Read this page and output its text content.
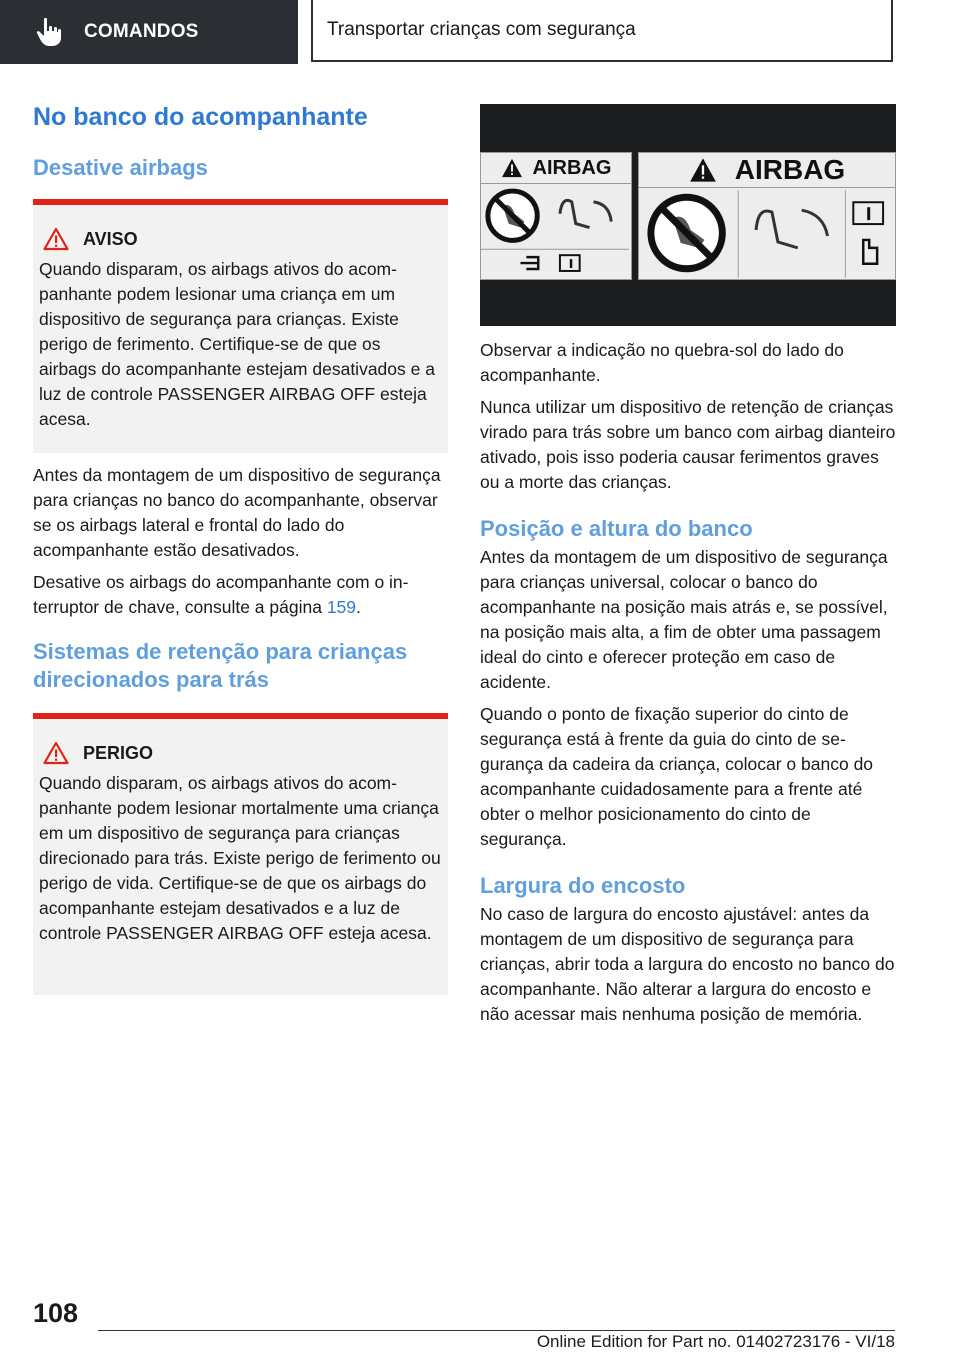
COMANDOS	Transportar crianças com segurança
No banco do acompanhante
Desative airbags
AVISO

Quando disparam, os airbags ativos do acompanhante podem lesionar uma criança em um dispositivo de segurança para crianças. Existe perigo de ferimento. Certifique-se de que os airbags do acompanhante estejam desativados e a luz de controle PASSENGER AIRBAG OFF esteja acesa.

Antes da montagem de um dispositivo de segurança para crianças no banco do acompanhante, observar se os airbags lateral e frontal do lado do acompanhante estão desativados.

Desative os airbags do acompanhante com o interruptor de chave, consulte a página 159.

Sistemas de retenção para crianças direcionados para trás
PERIGO

Quando disparam, os airbags ativos do acompanhante podem lesionar mortalmente uma criança em um dispositivo de segurança para crianças direcionado para trás. Existe perigo de ferimento ou perigo de vida. Certifique-se de que os airbags do acompanhante estejam desativados e a luz de controle PASSENGER AIRBAG OFF esteja acesa.

AIRBAG	AIRBAG

Observar a indicação no quebra-sol do lado do acompanhante.

Nunca utilizar um dispositivo de retenção de crianças virado para trás sobre um banco com airbag dianteiro ativado, pois isso poderia causar ferimentos graves ou a morte das crianças.

Posição e altura do banco

Antes da montagem de um dispositivo de segurança para crianças universal, colocar o banco do acompanhante na posição mais atrás e, se possível, na posição mais alta, a fim de obter uma passagem ideal do cinto e oferecer proteção em caso de acidente.

Quando o ponto de fixação superior do cinto de segurança está à frente da guia do cinto de segurança da cadeira da criança, colocar o banco do acompanhante cuidadosamente para a frente até obter o melhor posicionamento do cinto de segurança.

Largura do encosto

No caso de largura do encosto ajustável: antes da montagem de um dispositivo de segurança para crianças, abrir toda a largura do encosto no banco do acompanhante. Não alterar a largura do encosto e não acessar mais nenhuma posição de memória.

108
Online Edition for Part no. 01402723176 - VI/18
